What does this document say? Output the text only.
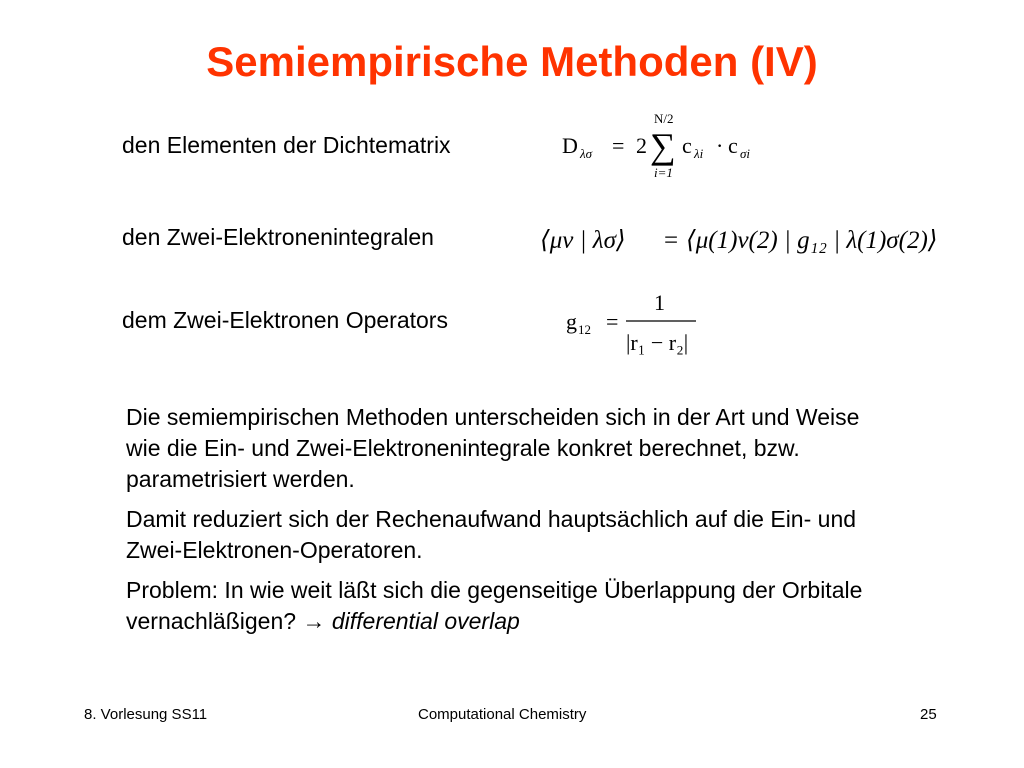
Semiempirische Methoden (IV)
den Elementen der Dichtematrix	D λσ = 2 ∑
N/2
i=1
c λi · c σi
den Zwei-Elektronenintegralen	⟨μν | λσ⟩ = ⟨μ(1)ν(2) | g₁₂ | λ(1)σ(2)⟩
dem Zwei-Elektronen Operators	g 12 =
1
|r₁ − r₂|

Die semiempirischen Methoden unterscheiden sich in der Art und Weise wie die Ein- und Zwei-Elektronenintegrale konkret berechnet, bzw. parametrisiert werden.

Damit reduziert sich der Rechenaufwand hauptsächlich auf die Ein- und Zwei-Elektronen-Operatoren.

Problem: In wie weit läßt sich die gegenseitige Überlappung der Orbitale vernachläßigen? → differential overlap

8. Vorlesung SS11	Computational Chemistry	25
